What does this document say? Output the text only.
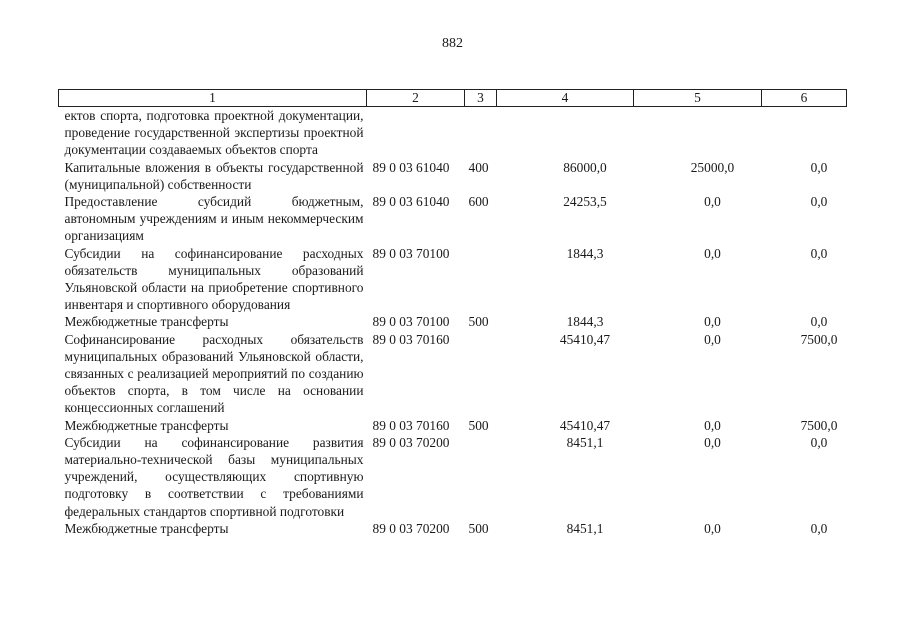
882
1	2	3	4	5	6
ектов спорта, подготовка проектной документации, проведение государственной экспертизы проектной документации создаваемых объектов спорта					
Капитальные вложения в объекты государственной (муниципальной) собственности	89 0 03 61040	400	86000,0	25000,0	0,0
Предоставление субсидий бюджетным, автономным учреждениям и иным некоммерческим организациям	89 0 03 61040	600	24253,5	0,0	0,0
Субсидии на софинансирование расходных обязательств муниципальных образований Ульяновской области на приобретение спортивного инвентаря и спортивного оборудования	89 0 03 70100		1844,3	0,0	0,0
Межбюджетные трансферты	89 0 03 70100	500	1844,3	0,0	0,0
Софинансирование расходных обязательств муниципальных образований Ульяновской области, связанных с реализацией мероприятий по созданию объектов спорта, в том числе на основании концессионных соглашений	89 0 03 70160		45410,47	0,0	7500,0
Межбюджетные трансферты	89 0 03 70160	500	45410,47	0,0	7500,0
Субсидии на софинансирование развития материально-технической базы муниципальных учреждений, осуществляющих спортивную подготовку в соответствии с требованиями федеральных стандартов спортивной подготовки	89 0 03 70200		8451,1	0,0	0,0
Межбюджетные трансферты	89 0 03 70200	500	8451,1	0,0	0,0
